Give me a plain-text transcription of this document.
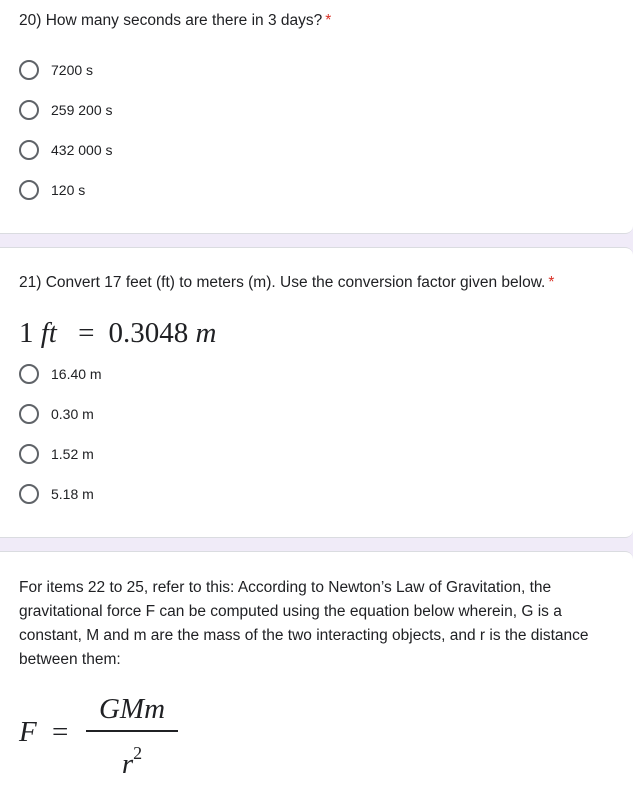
20) How many seconds are there in 3 days? *
7200 s
259 200 s
432 000 s
120 s
21) Convert 17 feet (ft) to meters (m). Use the conversion factor given below. *
1 ft = 0.3048 m
16.40 m
0.30 m
1.52 m
5.18 m
For items 22 to 25, refer to this: According to Newton’s Law of Gravitation, the gravitational force F can be computed using the equation below wherein, G is a constant, M and m are the mass of the two interacting objects, and r is the distance between them:
F =
GMm
$r^2$
